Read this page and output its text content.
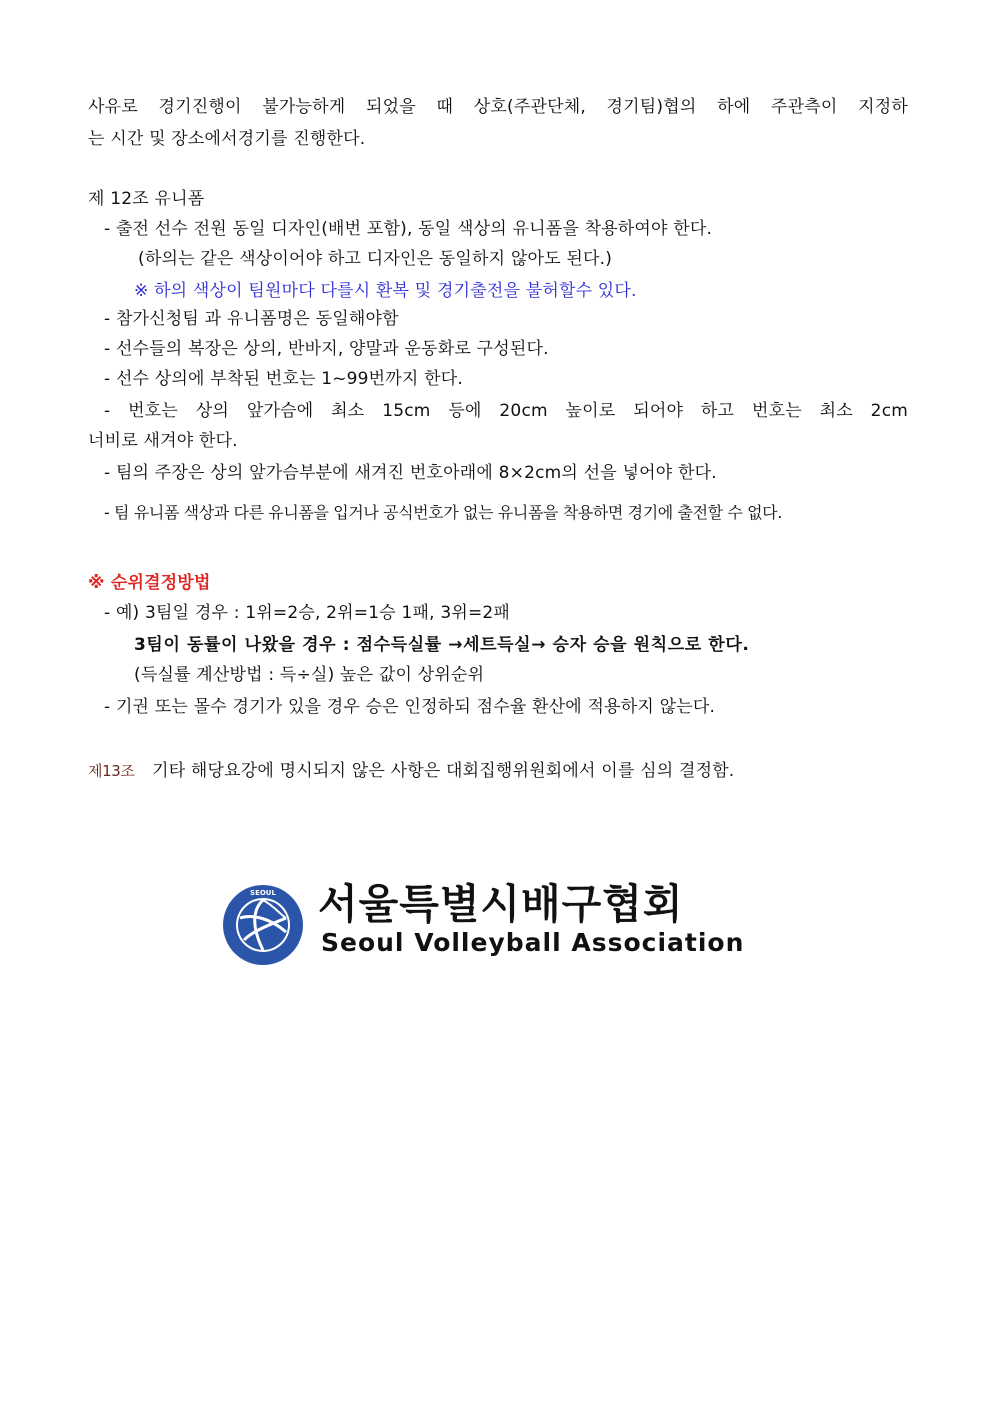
사유로 경기진행이 불가능하게 되었을 때 상호(주관단체, 경기팀)협의 하에 주관측이 지정하
는 시간 및 장소에서경기를 진행한다.
제 12조 유니폼
- 출전 선수 전원 동일 디자인(배번 포함), 동일 색상의 유니폼을 착용하여야 한다.
(하의는 같은 색상이어야 하고 디자인은 동일하지 않아도 된다.)
※ 하의 색상이 팀원마다 다를시 환복 및 경기출전을 불허할수 있다.
- 참가신청팀 과 유니폼명은 동일해야함
- 선수들의 복장은 상의, 반바지, 양말과 운동화로 구성된다.
- 선수 상의에 부착된 번호는 1~99번까지 한다.
- 번호는 상의 앞가슴에 최소 15cm 등에 20cm 높이로 되어야 하고 번호는 최소 2cm
너비로 새겨야 한다.
- 팀의 주장은 상의 앞가슴부분에 새겨진 번호아래에 8×2cm의 선을 넣어야 한다.
- 팀 유니폼 색상과 다른 유니폼을 입거나 공식번호가 없는 유니폼을 착용하면 경기에 출전할 수 없다.
※ 순위결정방법
- 예) 3팀일 경우 : 1위=2승, 2위=1승 1패, 3위=2패
3팀이 동률이 나왔을 경우 : 점수득실률 →세트득실→ 승자 승을 원칙으로 한다.
(득실률 계산방법 : 득÷실) 높은 값이 상위순위
- 기권 또는 몰수 경기가 있을 경우 승은 인정하되 점수율 환산에 적용하지 않는다.
제13조 기타 해당요강에 명시되지 않은 사항은 대회집행위원회에서 이를 심의 결정함.
SEOUL 서울특별시배구협회
Seoul Volleyball Association
